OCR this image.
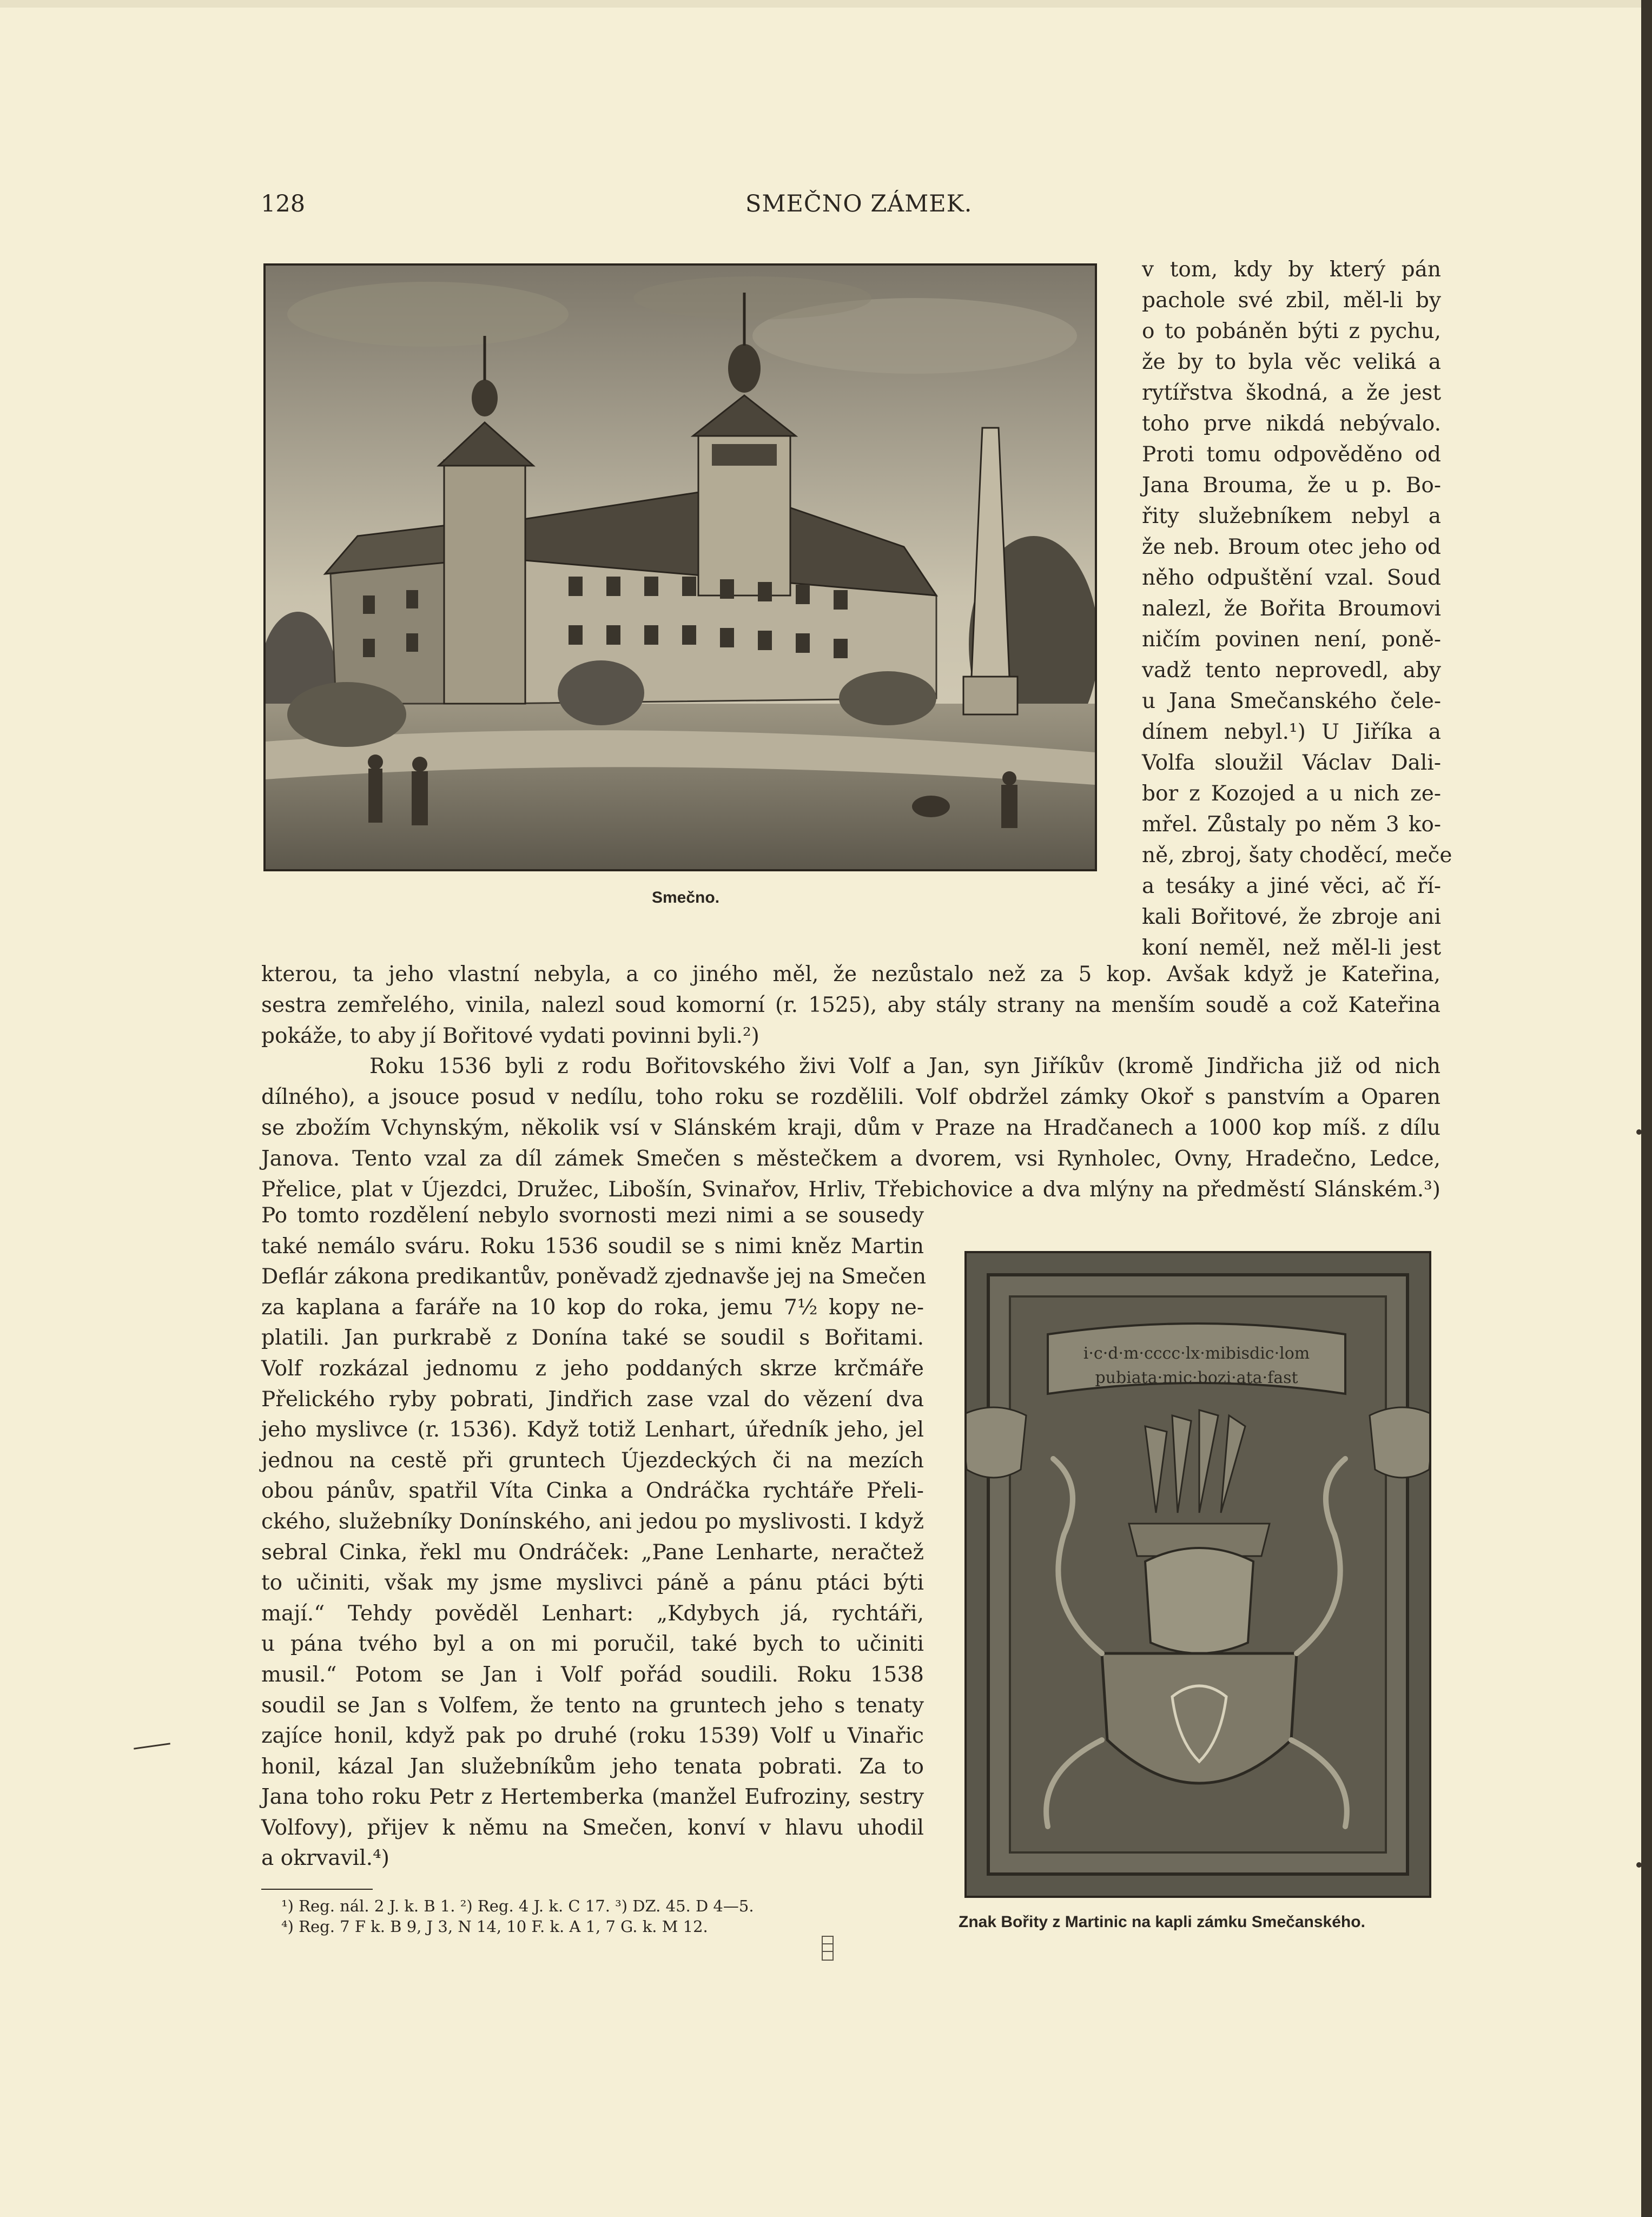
128	SMEČNO ZÁMEK.
Smečno.
v tom, kdy by který pán
pachole své zbil, měl-li by
o to pobáněn býti z pychu,
že by to byla věc veliká a
rytířstva škodná, a že jest
toho prve nikdá nebývalo.
Proti tomu odpověděno od
Jana Brouma, že u p. Bo-
řity služebníkem nebyl a
že neb. Broum otec jeho od
něho odpuštění vzal. Soud
nalezl, že Bořita Broumovi
ničím povinen není, poně-
vadž tento neprovedl, aby
u Jana Smečanského čele-
dínem nebyl.¹) U Jiříka a
Volfa sloužil Václav Dali-
bor z Kozojed a u nich ze-
mřel. Zůstaly po něm 3 ko-
ně, zbroj, šaty choděcí, meče
a tesáky a jiné věci, ač ří-
kali Bořitové, že zbroje ani
koní neměl, než měl-li jest
kterou, ta jeho vlastní nebyla, a co jiného měl, že nezůstalo než za 5 kop. Avšak když je Kateřina,
sestra zemřelého, vinila, nalezl soud komorní (r. 1525), aby stály strany na menším soudě a což Kateřina
pokáže, to aby jí Bořitové vydati povinni byli.²)
Roku 1536 byli z rodu Bořitovského živi Volf a Jan, syn Jiříkův (kromě Jindřicha již od nich
dílného), a jsouce posud v nedílu, toho roku se rozdělili. Volf obdržel zámky Okoř s panstvím a Oparen
se zbožím Vchynským, několik vsí v Slánském kraji, dům v Praze na Hradčanech a 1000 kop míš. z dílu
Janova. Tento vzal za díl zámek Smečen s městečkem a dvorem, vsi Rynholec, Ovny, Hradečno, Ledce,
Přelice, plat v Újezdci, Družec, Libošín, Svinařov, Hrliv, Třebichovice a dva mlýny na předměstí Slánském.³)
Po tomto rozdělení nebylo svornosti mezi nimi a se sousedy
také nemálo sváru. Roku 1536 soudil se s nimi kněz Martin
Deflár zákona predikantův, poněvadž zjednavše jej na Smečen
za kaplana a faráře na 10 kop do roka, jemu 7½ kopy ne-
platili. Jan purkrabě z Donína také se soudil s Bořitami.
Volf rozkázal jednomu z jeho poddaných skrze krčmáře
Přelického ryby pobrati, Jindřich zase vzal do vězení dva
jeho myslivce (r. 1536). Když totiž Lenhart, úředník jeho, jel
jednou na cestě při gruntech Újezdeckých či na mezích
obou pánův, spatřil Víta Cinka a Ondráčka rychtáře Přeli-
ckého, služebníky Donínského, ani jedou po myslivosti. I když
sebral Cinka, řekl mu Ondráček: „Pane Lenharte, neračtež
to učiniti, však my jsme myslivci páně a pánu ptáci býti
mají.“ Tehdy pověděl Lenhart: „Kdybych já, rychtáři,
u pána tvého byl a on mi poručil, také bych to učiniti
musil.“ Potom se Jan i Volf pořád soudili. Roku 1538
soudil se Jan s Volfem, že tento na gruntech jeho s tenaty
zajíce honil, když pak po druhé (roku 1539) Volf u Vinařic
honil, kázal Jan služebníkům jeho tenata pobrati. Za to
Jana toho roku Petr z Hertemberka (manžel Eufroziny, sestry
Volfovy), přijev k němu na Smečen, konví v hlavu uhodil
a okrvavil.⁴)
i·c·d·m·cccc·lx·mibisdic·lom
pubiata·mic·bozi·ata·fast
Znak Bořity z Martinic na kapli zámku Smečanského.
¹) Reg. nál. 2 J. k. B 1. ²) Reg. 4 J. k. C 17. ³) DZ. 45. D 4—5.
⁴) Reg. 7 F k. B 9, J 3, N 14, 10 F. k. A 1, 7 G. k. M 12.
